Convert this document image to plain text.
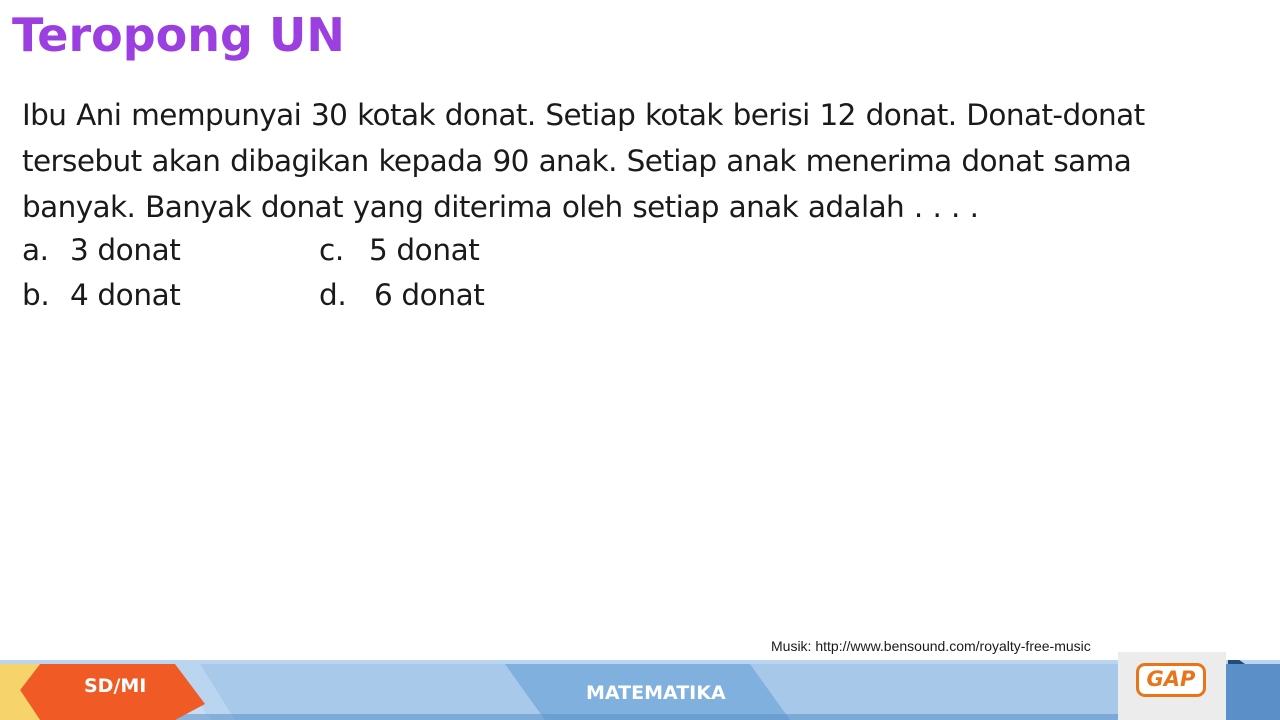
Teropong UN
Ibu Ani mempunyai 30 kotak donat. Setiap kotak berisi 12 donat. Donat-donat tersebut akan dibagikan kepada 90 anak. Setiap anak menerima donat sama banyak. Banyak donat yang diterima oleh setiap anak adalah . . . .
a. 3 donat
b. 4 donat
c. 5 donat
d. 6 donat
Musik: http://www.bensound.com/royalty-free-music
SD/MI	MATEMATIKA
GAP
